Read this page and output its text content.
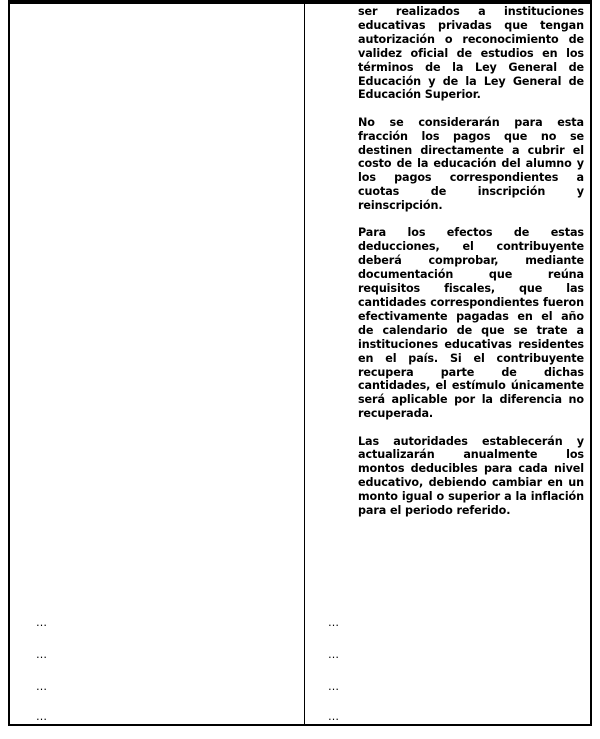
ser realizados a instituciones educativas privadas que tengan autorización o reconocimiento de validez oficial de estudios en los términos de la Ley General de Educación y de la Ley General de Educación Superior.

No se considerarán para esta fracción los pagos que no se destinen directamente a cubrir el costo de la educación del alumno y los pagos correspondientes a cuotas de inscripción y reinscripción.

Para los efectos de estas deducciones, el contribuyente deberá comprobar, mediante documentación que reúna requisitos fiscales, que las cantidades correspondientes fueron efectivamente pagadas en el año de calendario de que se trate a instituciones educativas residentes en el país. Si el contribuyente recupera parte de dichas cantidades, el estímulo únicamente será aplicable por la diferencia no recuperada.

Las autoridades establecerán y actualizarán anualmente los montos deducibles para cada nivel educativo, debiendo cambiar en un monto igual o superior a la inflación para el periodo referido.

…	…
…	…
…	…
…	…
